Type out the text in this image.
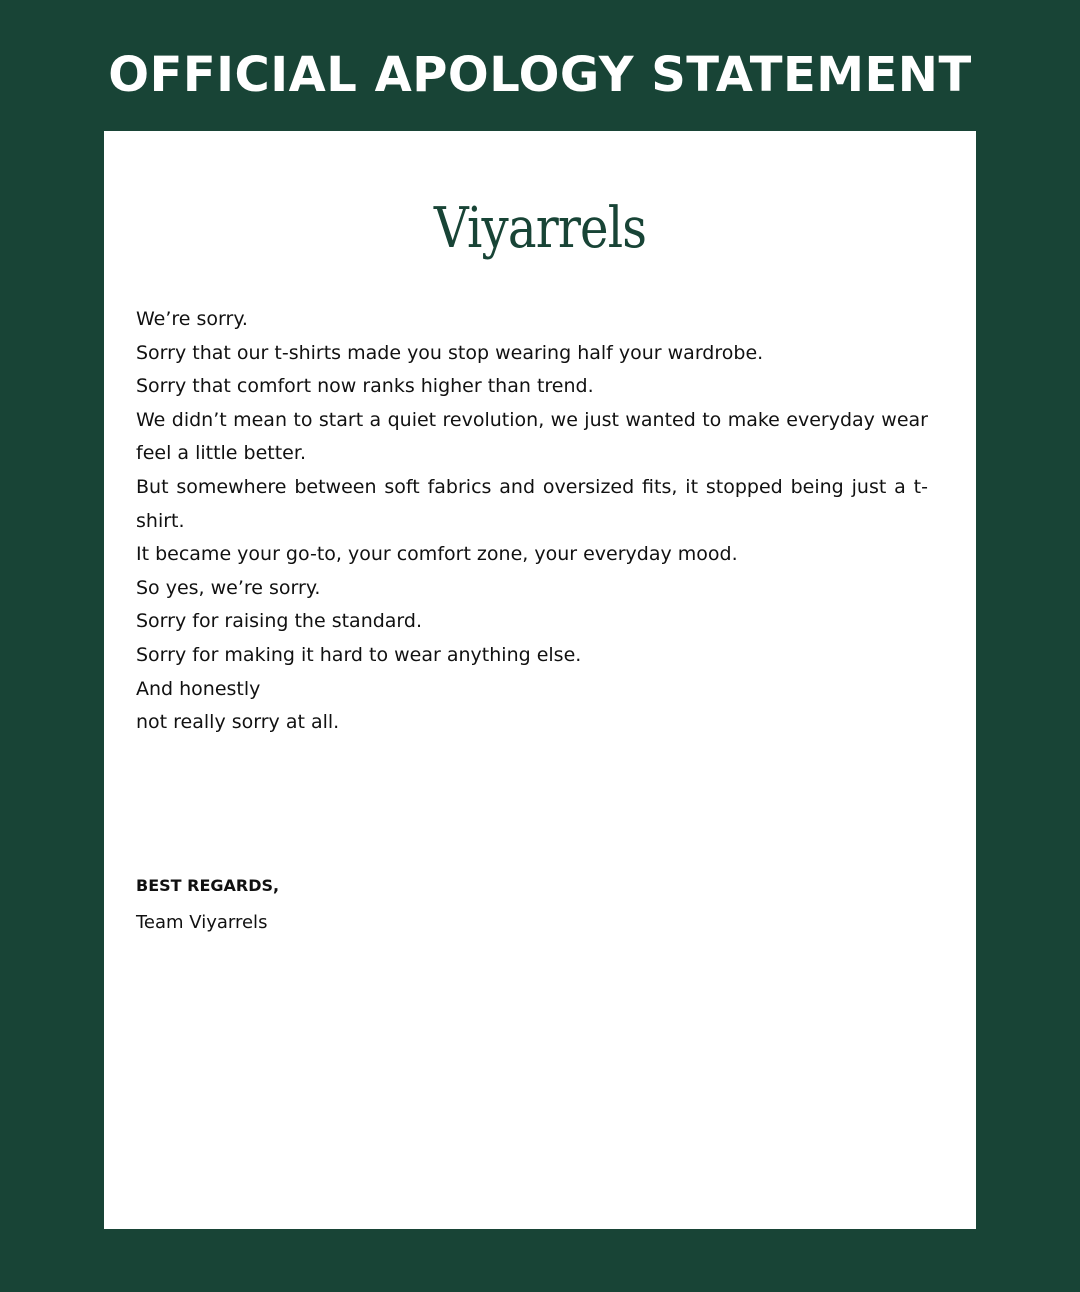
OFFICIAL APOLOGY STATEMENT
Viyarrels

We’re sorry.

Sorry that our t-shirts made you stop wearing half your wardrobe.

Sorry that comfort now ranks higher than trend.

We didn’t mean to start a quiet revolution, we just wanted to make everyday wear feel a little better.

But somewhere between soft fabrics and oversized fits, it stopped being just a t-shirt.

It became your go-to, your comfort zone, your everyday mood.

So yes, we’re sorry.

Sorry for raising the standard.

Sorry for making it hard to wear anything else.

And honestly

not really sorry at all.

BEST REGARDS,
Team Viyarrels
